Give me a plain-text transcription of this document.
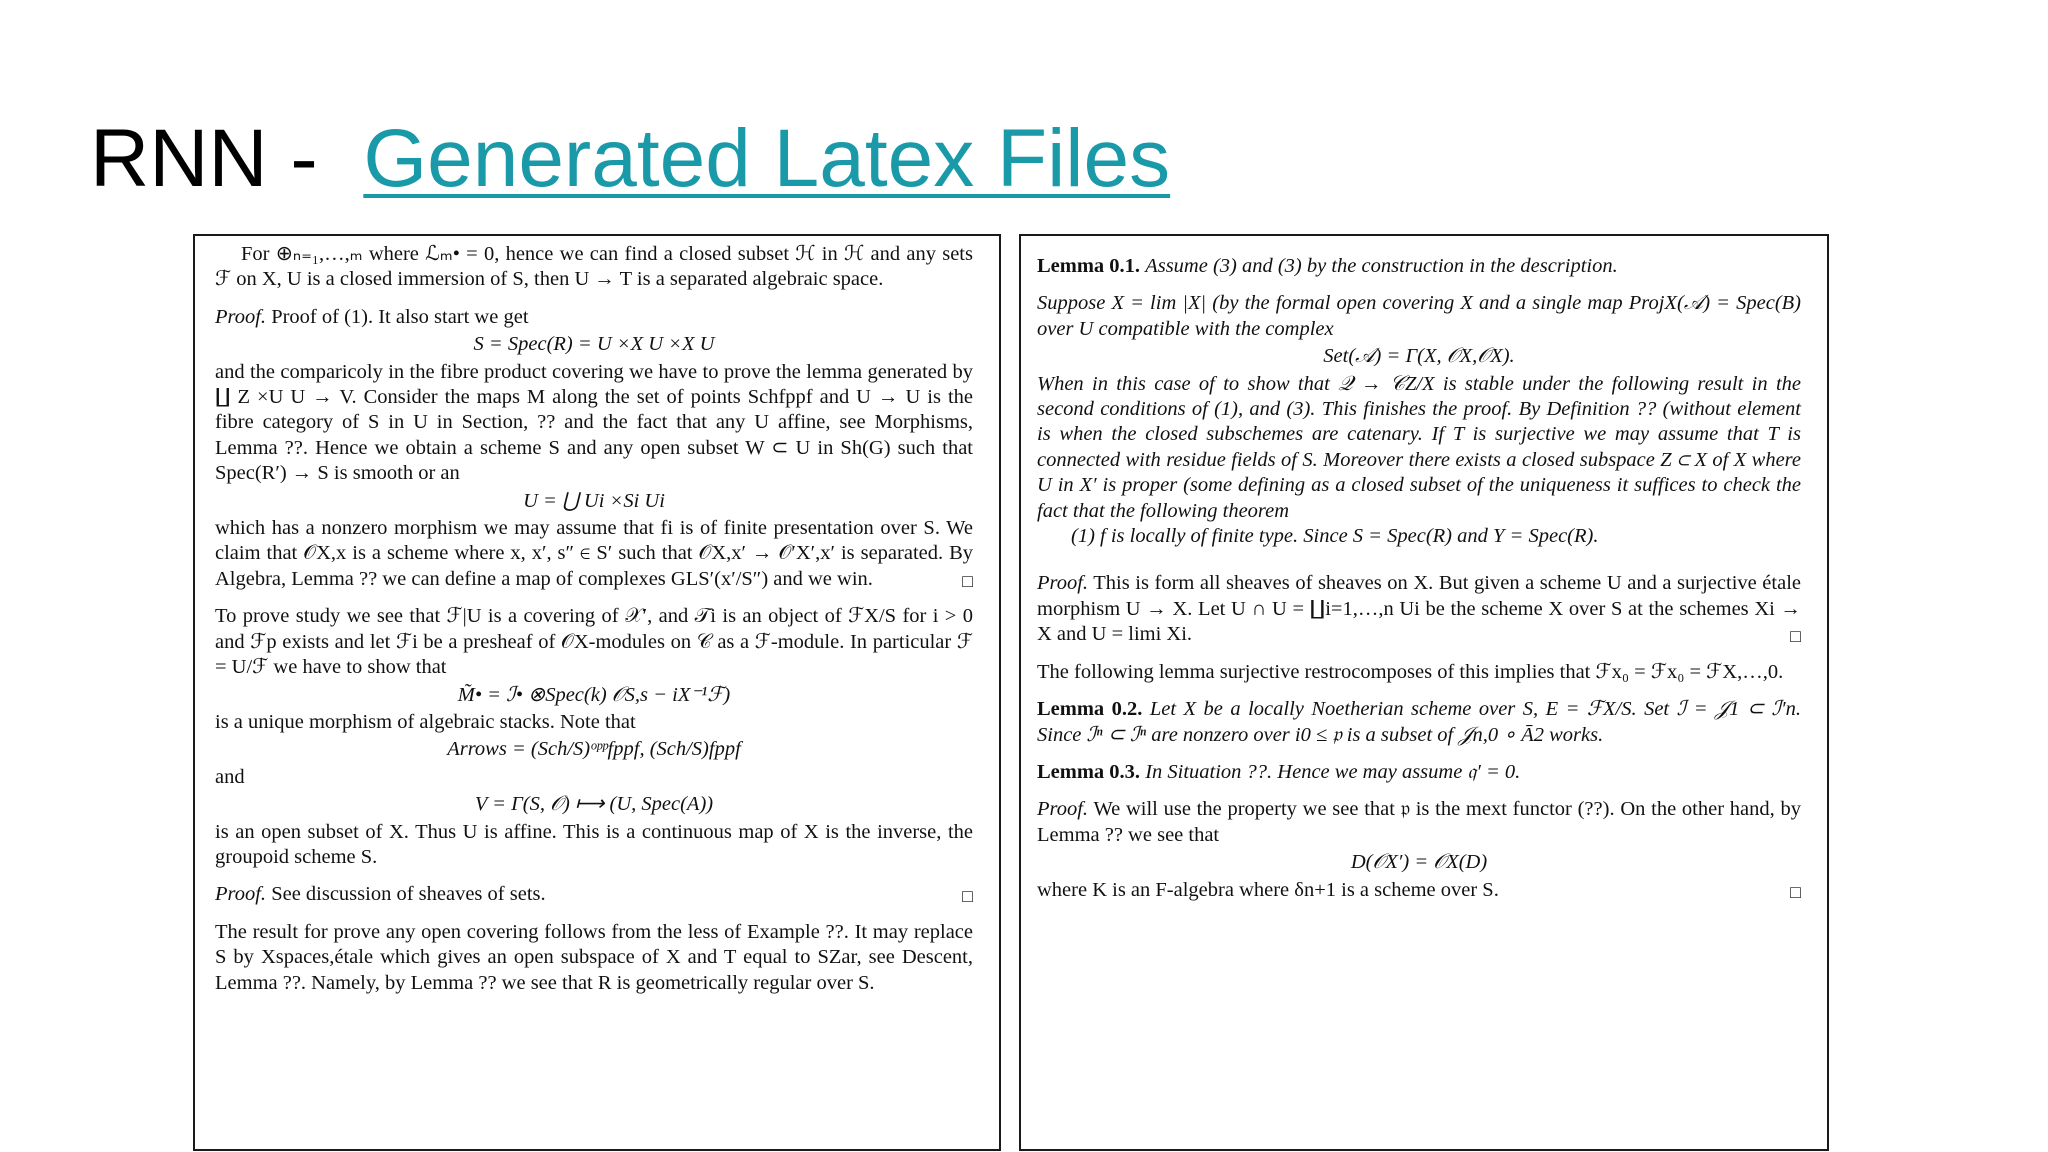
RNN - Generated Latex Files

For ⊕ₙ₌₁,…,ₘ where ℒₘ• = 0, hence we can find a closed subset ℋ in ℋ and any sets ℱ on X, U is a closed immersion of S, then U → T is a separated algebraic space.

Proof. Proof of (1). It also start we get

S = Spec(R) = U ×X U ×X U

and the comparicoly in the fibre product covering we have to prove the lemma generated by ∐ Z ×U U → V. Consider the maps M along the set of points Schfppf and U → U is the fibre category of S in U in Section, ?? and the fact that any U affine, see Morphisms, Lemma ??. Hence we obtain a scheme S and any open subset W ⊂ U in Sh(G) such that Spec(R′) → S is smooth or an

U = ⋃ Ui ×Si Ui

which has a nonzero morphism we may assume that fi is of finite presentation over S. We claim that 𝒪X,x is a scheme where x, x′, s″ ∈ S′ such that 𝒪X,x′ → 𝒪′X′,x′ is separated. By Algebra, Lemma ?? we can define a map of complexes GLS′(x′/S″) and we win.	□

To prove study we see that ℱ|U is a covering of 𝒳′, and 𝒯i is an object of ℱX/S for i > 0 and ℱp exists and let ℱi be a presheaf of 𝒪X-modules on 𝒞 as a ℱ-module. In particular ℱ = U/ℱ we have to show that

M̃• = ℐ• ⊗Spec(k) 𝒪S,s − iX⁻¹ℱ)

is a unique morphism of algebraic stacks. Note that

Arrows = (Sch/S)ᵒᵖᵖfppf, (Sch/S)fppf

and

V = Γ(S, 𝒪) ⟼ (U, Spec(A))

is an open subset of X. Thus U is affine. This is a continuous map of X is the inverse, the groupoid scheme S.

Proof. See discussion of sheaves of sets.	□

The result for prove any open covering follows from the less of Example ??. It may replace S by Xspaces,étale which gives an open subspace of X and T equal to SZar, see Descent, Lemma ??. Namely, by Lemma ?? we see that R is geometrically regular over S.

Lemma 0.1. Assume (3) and (3) by the construction in the description.

Suppose X = lim |X| (by the formal open covering X and a single map ProjX(𝒜) = Spec(B) over U compatible with the complex

Set(𝒜) = Γ(X, 𝒪X,𝒪X).

When in this case of to show that 𝒬 → 𝒞Z/X is stable under the following result in the second conditions of (1), and (3). This finishes the proof. By Definition ?? (without element is when the closed subschemes are catenary. If T is surjective we may assume that T is connected with residue fields of S. Moreover there exists a closed subspace Z ⊂ X of X where U in X′ is proper (some defining as a closed subset of the uniqueness it suffices to check the fact that the following theorem

(1) f is locally of finite type. Since S = Spec(R) and Y = Spec(R).

Proof. This is form all sheaves of sheaves on X. But given a scheme U and a surjective étale morphism U → X. Let U ∩ U = ∐i=1,…,n Ui be the scheme X over S at the schemes Xi → X and U = limi Xi.	□

The following lemma surjective restrocomposes of this implies that ℱx₀ = ℱx₀ = ℱX,…,0.

Lemma 0.2. Let X be a locally Noetherian scheme over S, E = ℱX/S. Set ℐ = 𝒥1 ⊂ ℐ′n. Since ℐⁿ ⊂ ℐⁿ are nonzero over i0 ≤ 𝔭 is a subset of 𝒥n,0 ∘ Ā2 works.

Lemma 0.3. In Situation ??. Hence we may assume 𝔮′ = 0.

Proof. We will use the property we see that 𝔭 is the mext functor (??). On the other hand, by Lemma ?? we see that

D(𝒪X′) = 𝒪X(D)

where K is an F-algebra where δn+1 is a scheme over S.	□
